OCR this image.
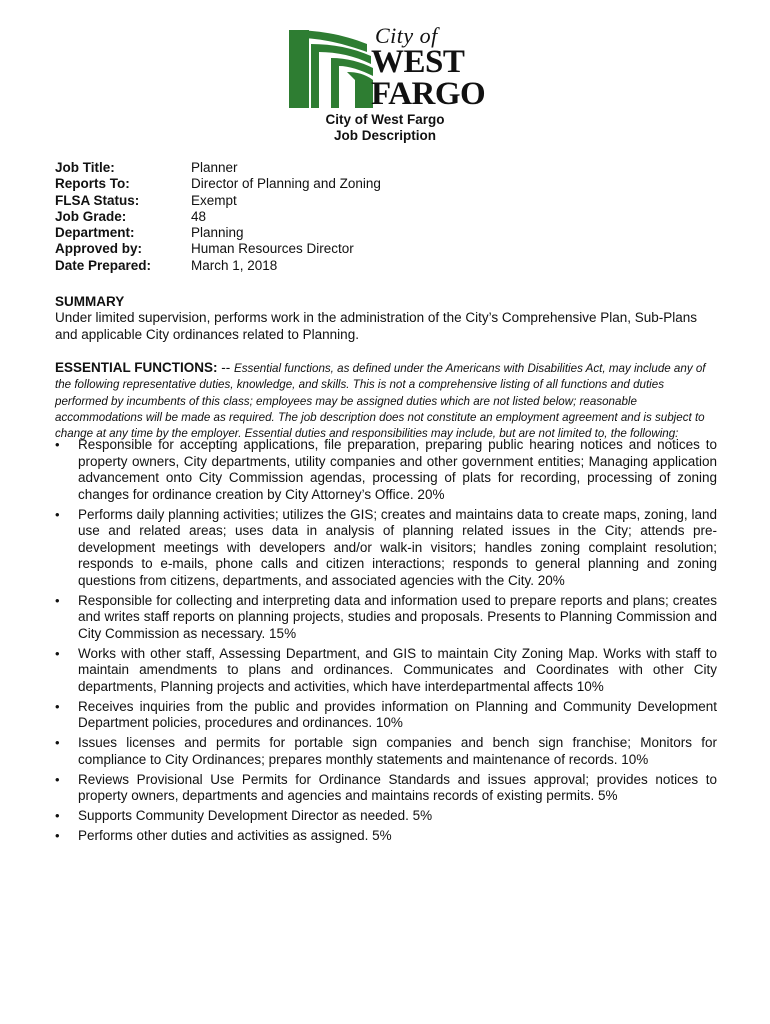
City of
WEST
FARGO
City of West Fargo
Job Description
Job Title:	Planner
Reports To:	Director of Planning and Zoning
FLSA Status:	Exempt
Job Grade:	48
Department:	Planning
Approved by:	Human Resources Director
Date Prepared:	March 1, 2018
SUMMARY
Under limited supervision, performs work in the administration of the City’s Comprehensive Plan, Sub-Plans and applicable City ordinances related to Planning.
ESSENTIAL FUNCTIONS: -- Essential functions, as defined under the Americans with Disabilities Act, may include any of the following representative duties, knowledge, and skills. This is not a comprehensive listing of all functions and duties performed by incumbents of this class; employees may be assigned duties which are not listed below; reasonable accommodations will be made as required. The job description does not constitute an employment agreement and is subject to change at any time by the employer. Essential duties and responsibilities may include, but are not limited to, the following:
•	Responsible for accepting applications, file preparation, preparing public hearing notices and notices to property owners, City departments, utility companies and other government entities; Managing application advancement onto City Commission agendas, processing of plats for recording, processing of zoning changes for ordinance creation by City Attorney’s Office. 20%
•	Performs daily planning activities; utilizes the GIS; creates and maintains data to create maps, zoning, land use and related areas; uses data in analysis of planning related issues in the City; attends pre-development meetings with developers and/or walk-in visitors; handles zoning complaint resolution; responds to e-mails, phone calls and citizen interactions; responds to general planning and zoning questions from citizens, departments, and associated agencies with the City. 20%
•	Responsible for collecting and interpreting data and information used to prepare reports and plans; creates and writes staff reports on planning projects, studies and proposals. Presents to Planning Commission and City Commission as necessary. 15%
•	Works with other staff, Assessing Department, and GIS to maintain City Zoning Map. Works with staff to maintain amendments to plans and ordinances. Communicates and Coordinates with other City departments, Planning projects and activities, which have interdepartmental affects 10%
•	Receives inquiries from the public and provides information on Planning and Community Development Department policies, procedures and ordinances. 10%
•	Issues licenses and permits for portable sign companies and bench sign franchise; Monitors for compliance to City Ordinances; prepares monthly statements and maintenance of records. 10%
•	Reviews Provisional Use Permits for Ordinance Standards and issues approval; provides notices to property owners, departments and agencies and maintains records of existing permits. 5%
•	Supports Community Development Director as needed. 5%
•	Performs other duties and activities as assigned. 5%
